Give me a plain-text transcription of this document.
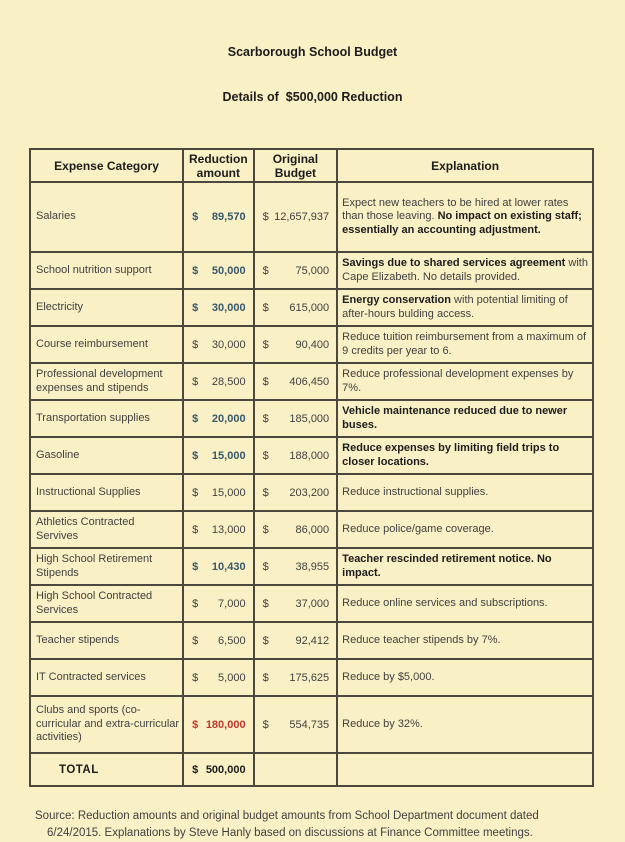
Scarborough School Budget

Details of  $500,000 Reduction

Expense Category	Reduction amount	Original Budget	Explanation
Salaries	$ 89,570	$ 12,657,937	Expect new teachers to be hired at lower rates than those leaving. No impact on existing staff; essentially an accounting adjustment.
School nutrition support	$ 50,000	$ 75,000	Savings due to shared services agreement with Cape Elizabeth. No details provided.
Electricity	$ 30,000	$ 615,000	Energy conservation with potential limiting of after-hours bulding access.
Course reimbursement	$ 30,000	$ 90,400	Reduce tuition reimbursement from a maximum of 9 credits per year to 6.
Professional development expenses and stipends	$ 28,500	$ 406,450	Reduce professional development expenses by 7%.
Transportation supplies	$ 20,000	$ 185,000	Vehicle maintenance reduced due to newer buses.
Gasoline	$ 15,000	$ 188,000	Reduce expenses by limiting field trips to closer locations.
Instructional Supplies	$ 15,000	$ 203,200	Reduce instructional supplies.
Athletics Contracted Servives	$ 13,000	$ 86,000	Reduce police/game coverage.
High School Retirement Stipends	$ 10,430	$ 38,955	Teacher rescinded retirement notice. No impact.
High School Contracted Services	$ 7,000	$ 37,000	Reduce online services and subscriptions.
Teacher stipends	$ 6,500	$ 92,412	Reduce teacher stipends by 7%.
IT Contracted services	$ 5,000	$ 175,625	Reduce by $5,000.
Clubs and sports (co-curricular and extra-curricular activities)	$ 180,000	$ 554,735	Reduce by 32%.
TOTAL	$ 500,000		

Source: Reduction amounts and original budget amounts from School Department document dated
6/24/2015. Explanations by Steve Hanly based on discussions at Finance Committee meetings.
